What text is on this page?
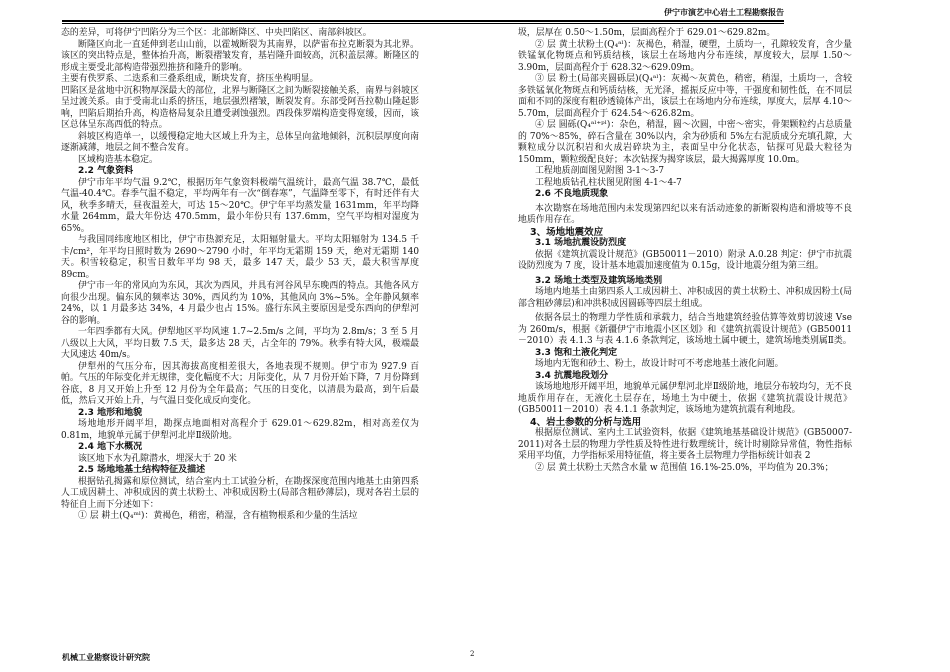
伊宁市演艺中心岩土工程勘察报告

态的差异，可将伊宁凹陷分为三个区：北部断降区、中央凹陷区、南部斜坡区。

断隆区向北一直延伸到老山山前，以霍城断裂为其南界，以萨雷布拉克断裂为其北界。该区的突出特点是，整体抬升高，断裂褶皱发育，基岩隆升面较高，沉积盖层薄。断隆区的形成主要受北部构造带强烈推挤和隆升的影响。

主要有佚罗系、二迭系和三叠系组成，断块发育，挤压坐构明显。

凹陷区是盆地中沉积物厚深最大的部位，北界与断隆区之间为断裂接触关系，南界与斜坡区呈过渡关系。由于受南北山系的挤压，地层强烈褶皱，断裂发育。东部受阿吾拉勒山隆起影响，凹陷后期抬升高，构造格局复杂且遭受剥蚀强烈。西段侏罗端构造变得宽缓，因而，该区总体呈东高西低的特点。

斜坡区构造单一，以缓慢稳定地大区域上升为主，总体呈向盆地倾斜，沉积层厚度向南逐渐减薄，地层之间不整合发育。

区域构造基本稳定。

2.2 气象资料

伊宁市年平均气温 9.2℃，根据历年气象资料极端气温统计，最高气温 38.7℃，最低气温-40.4℃。春季气温不稳定，平均两年有一次“倒春寒”，气温降至零下，有时还伴有大风，秋季多晴天，昼夜温差大，可达 15～20℃。伊宁年平均蒸发量 1631mm，年平均降水量 264mm，最大年份达 470.5mm，最小年份只有 137.6mm，空气平均相对湿度为 65%。

与我国同纬度地区相比，伊宁市热源充足，太阳辐射量大。平均太阳辐射为 134.5 千卡/cm²，年平均日照时数为 2690～2790 小时，年平均无霜期 159 天，绝对无霜期 140 天。积雪较稳定，积雪日数年平均 98 天，最多 147 天，最少 53 天，最大积雪厚度 89cm。

伊宁市一年的常风向为东风，其次为西风，并具有河谷风早东晚西的特点。其他各风方向很少出现。偏东风的频率达 30%，西风约为 10%，其他风向 3%~5%。全年静风频率 24%，以 1 月最多达 34%，4 月最少也占 15%。盛行东风主要原因是受东西向的伊犁河谷的影响。

一年四季都有大风。伊犁地区平均风速 1.7~2.5m/s 之间，平均为 2.8m/s；3 至 5 月八级以上大风，平均日数 7.5 天，最多达 28 天，占全年的 79%。秋季有特大风，极端最大风速达 40m/s。

伊犁州的气压分布，因其海拔高度相差很大，各地表现不规则。伊宁市为 927.9 百帕。气压的年际变化并无规律，变化幅度不大；月际变化，从 7 月份开始下降，7 月份降到谷底，8 月又开始上升至 12 月份为全年最高；气压的日变化，以清晨为最高，到午后最低，然后又开始上升，与气温日变化成反向变化。

2.3 地形和地貌

场地地形开阔平坦，勘探点地面相对高程介于 629.01～629.82m，相对高差仅为 0.81m，地貌单元属于伊犁河北岸Ⅱ级阶地。

2.4 地下水概况

该区地下水为孔隙潜水，埋深大于 20 米

2.5 场地地基土结构特征及描述

根据钻孔揭露和原位测试，结合室内土工试验分析，在勘探深度范围内地基土由第四系人工成因耕土、冲积成因的黄土状粉土、冲积成因粉土(局部含粗砂薄层)，现对各岩土层的特征自上而下分述如下：

① 层 耕土(Q₄ᵐˡ)：黄褐色，稍密，稍湿，含有植物根系和少量的生活垃

圾，层厚在 0.50～1.50m，层面高程介于 629.01～629.82m。

② 层 黄土状粉土(Q₄ᵃˡ)：灰褐色，稍湿，硬塑，土质均一，孔隙较发育，含少量铁锰氧化物斑点和钙质结核，该层土在场地内分布连续，厚度较大，层厚 1.50～3.90m，层面高程介于 628.32～629.09m。

③ 层 粉土(局部夹圆砾层)(Q₄ᵃˡ)：灰褐～灰黄色，稍密，稍湿，土质均一，含较多铁锰氧化物斑点和钙质结核，无光泽，摇振反应中等，干强度和韧性低，在不同层面和不同的深度有粗砂透镜体产出，该层土在场地内分布连续，厚度大，层厚 4.10～5.70m，层面高程介于 624.54～626.82m。

④ 层 圆砾(Q₄ᵃˡ⁺ᵖˡ)：杂色，稍湿，圆～次圆，中密～密实，骨架颗粒约占总质量的 70%～85%，碎石含量在 30%以内，余为砂质和 5%左右泥质成分充填孔隙，大颗粒成分以沉积岩和火成岩碎块为主，表面呈中分化状态，钻探可见最大粒径为 150mm，颗粒级配良好；本次钻探为揭穿该层，最大揭露厚度 10.0m。

工程地质剖面图见附图 3-1～3-7

工程地质钻孔柱状图见附图 4-1～4-7

2.6 不良地质现象

本次勘察在场地范围内未发现第四纪以来有活动迹象的新断裂构造和滑坡等不良地质作用存在。

3、场地地震效应

3.1 场地抗震设防烈度

依据《建筑抗震设计规范》(GB50011－2010）附录 A.0.28 判定：伊宁市抗震设防烈度为 7 度，设计基本地震加速度值为 0.15g，设计地震分组为第三组。

3.2 场地土类型及建筑场地类别

场地内地基土由第四系人工成因耕土、冲积成因的黄土状粉土、冲积成因粉土(局部含粗砂薄层)和冲洪积成因圆砾等四层土组成。

依据各层土的物理力学性质和承载力，结合当地建筑经验估算等效剪切波速 Vse 为 260m/s，根据《新疆伊宁市地震小区区划》和《建筑抗震设计规范》(GB50011－2010）表 4.1.3 与表 4.1.6 条款判定，该场地土属中硬土，建筑场地类别属Ⅱ类。

3.3 饱和土液化判定

场地内无饱和砂土、粉土，故设计时可不考虑地基土液化问题。

3.4 抗震地段划分

该场地地形开阔平坦，地貌单元属伊犁河北岸Ⅱ级阶地，地层分布较均匀，无不良地质作用存在，无液化土层存在，场地土为中硬土，依据《建筑抗震设计规范》(GB50011－2010）表 4.1.1 条款判定，该场地为建筑抗震有利地段。

4、岩土参数的分析与选用

根据原位测试、室内土工试验资料，依据《建筑地基基础设计规范》(GB50007-2011)对各土层的物理力学性质及特性进行数理统计，统计时剔除异常值，物性指标采用平均值，力学指标采用特征值，将主要各土层物理力学指标统计如表 2

② 层 黄土状粉土天然含水量 w 范围值 16.1%-25.0%，平均值为 20.3%；

机械工业勘察设计研究院	2
